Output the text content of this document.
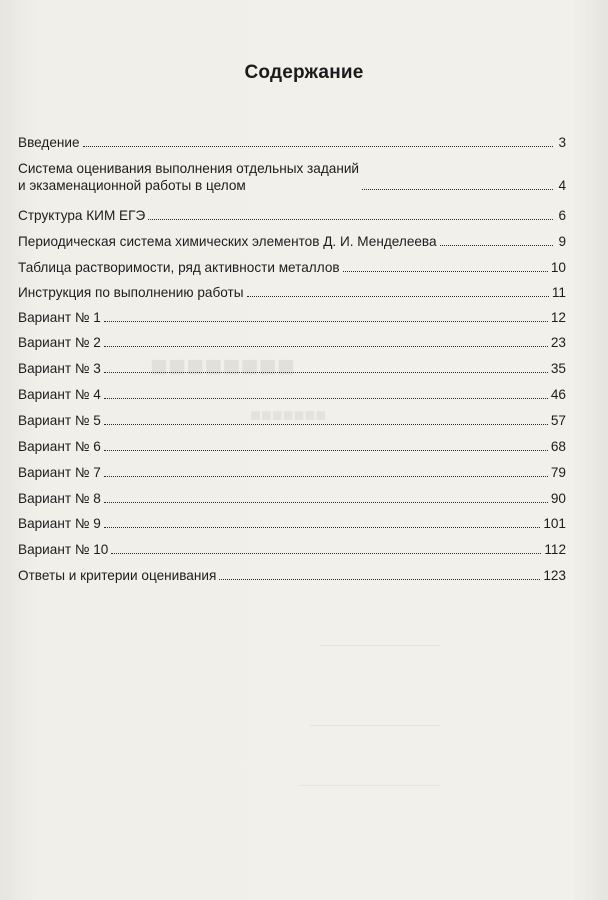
■■■■■■■■
■■■■■■■
————————————
—————————————
——————————————
Содержание
Введение	3
Система оценивания выполнения отдельных заданий
и экзаменационной работы в целом	4
Структура КИМ ЕГЭ	6
Периодическая система химических элементов Д. И. Менделеева	9
Таблица растворимости, ряд активности металлов	10
Инструкция по выполнению работы	11
Вариант № 1	12
Вариант № 2	23
Вариант № 3	35
Вариант № 4	46
Вариант № 5	57
Вариант № 6	68
Вариант № 7	79
Вариант № 8	90
Вариант № 9	101
Вариант № 10	112
Ответы и критерии оценивания	123
